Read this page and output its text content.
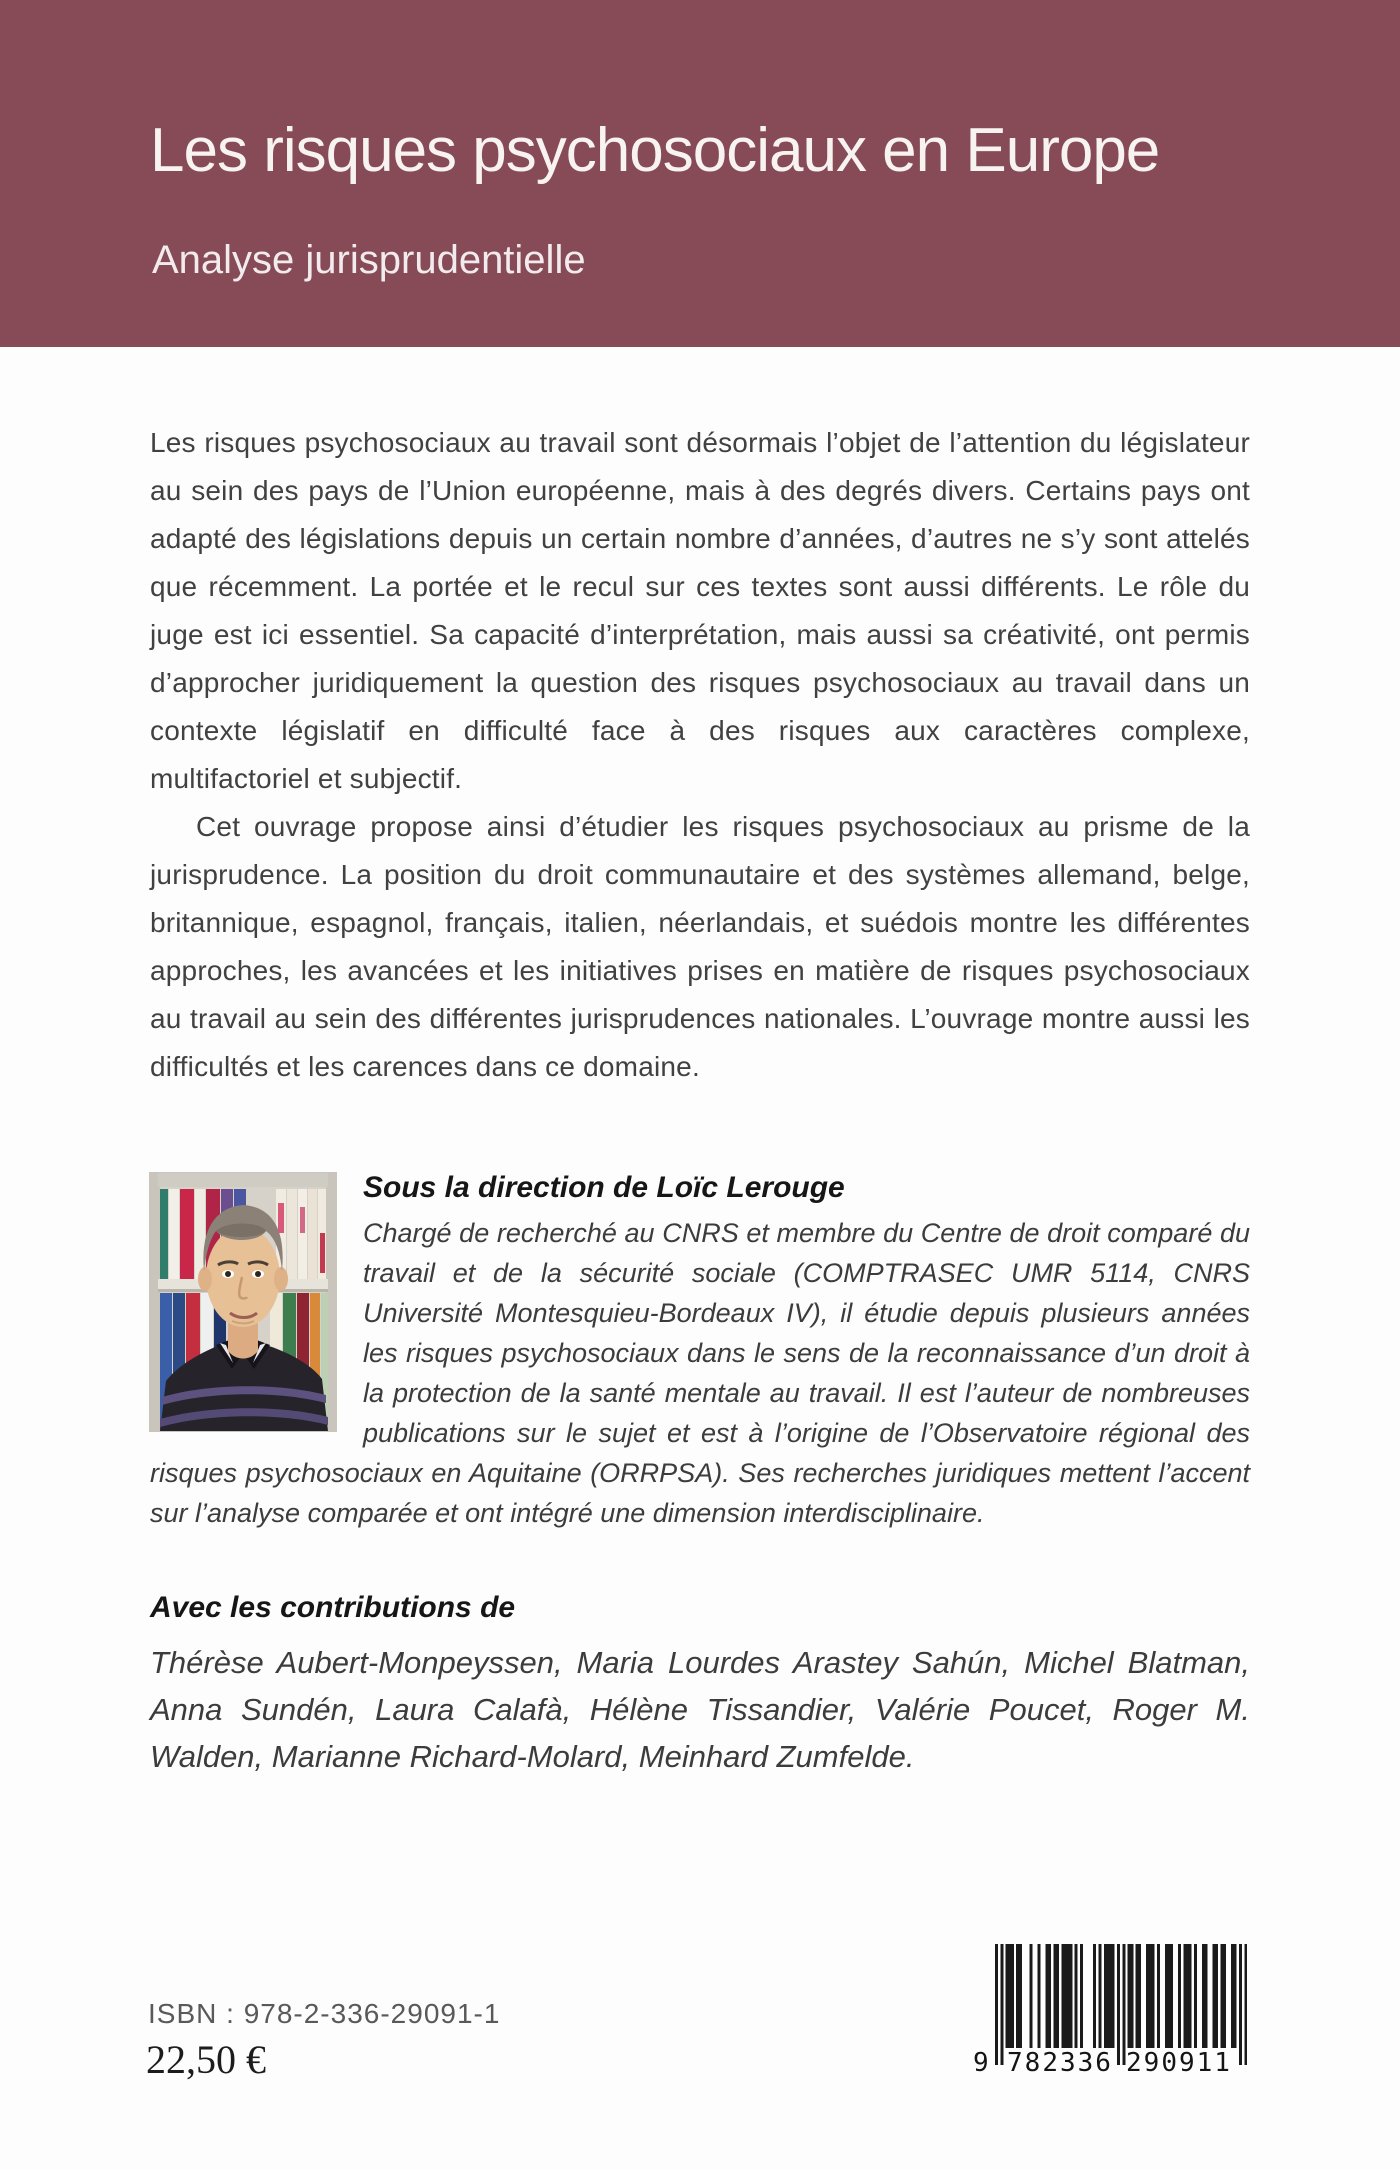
Les risques psychosociaux en Europe
Analyse jurisprudentielle

Les risques psychosociaux au travail sont désormais l’objet de l’attention du législateur au sein des pays de l’Union européenne, mais à des degrés divers. Certains pays ont adapté des législations depuis un certain nombre d’années, d’autres ne s’y sont attelés que récemment. La portée et le recul sur ces textes sont aussi différents. Le rôle du juge est ici essentiel. Sa capacité d’interprétation, mais aussi sa créativité, ont permis d’approcher juridiquement la question des risques psychosociaux au travail dans un contexte législatif en difficulté face à des risques aux caractères complexe, multifactoriel et subjectif.

Cet ouvrage propose ainsi d’étudier les risques psychosociaux au prisme de la jurisprudence. La position du droit communautaire et des systèmes allemand, belge, britannique, espagnol, français, italien, néerlandais, et suédois montre les différentes approches, les avancées et les initiatives prises en matière de risques psychosociaux au travail au sein des différentes jurisprudences nationales. L’ouvrage montre aussi les difficultés et les carences dans ce domaine.

Sous la direction de Loïc Lerouge

Chargé de recherché au CNRS et membre du Centre de droit comparé du travail et de la sécurité sociale (COMPTRASEC UMR 5114, CNRS Université Montesquieu-Bordeaux IV), il étudie depuis plusieurs années les risques psychosociaux dans le sens de la reconnaissance d’un droit à la protection de la santé mentale au travail. Il est l’auteur de nombreuses publications sur le sujet et est à l’origine de l’Observatoire régional des risques psychosociaux en Aquitaine (ORRPSA). Ses recherches juridiques mettent l’accent sur l’analyse comparée et ont intégré une dimension interdisciplinaire.

Avec les contributions de

Thérèse Aubert-Monpeyssen, Maria Lourdes Arastey Sahún, Michel Blatman, Anna Sundén, Laura Calafà, Hélène Tissandier, Valérie Poucet, Roger M. Walden, Marianne Richard-Molard, Meinhard Zumfelde.

ISBN : 978-2-336-29091-1
22,50 €	9 782336 290911
